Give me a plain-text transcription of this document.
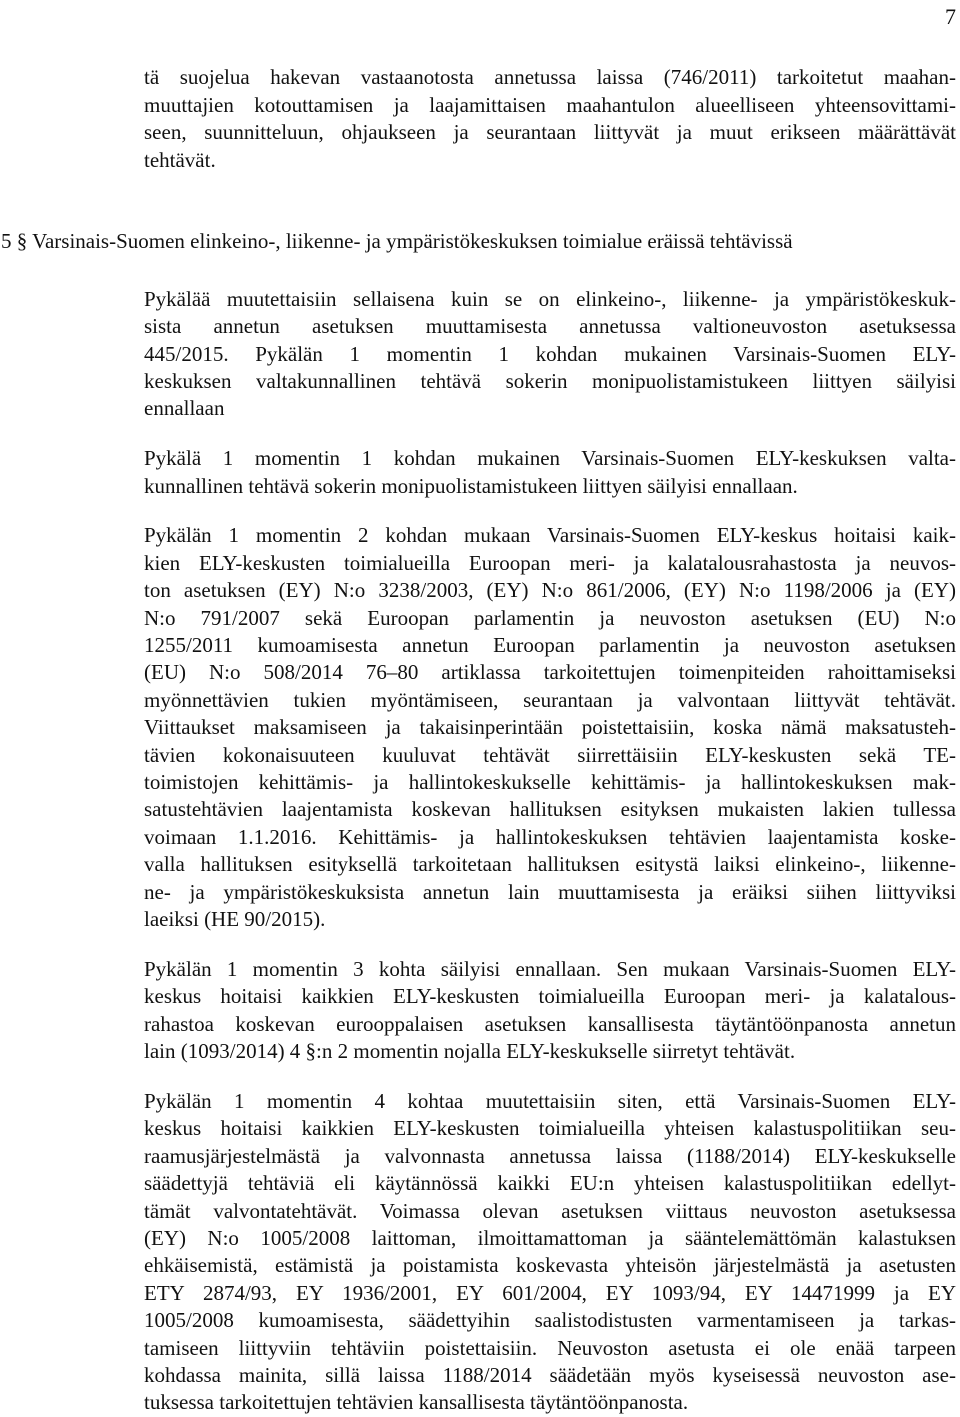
7
tä suojelua hakevan vastaanotosta annetussa laissa (746/2011) tarkoitetut maahan-
muuttajien kotouttamisen ja laajamittaisen maahantulon alueelliseen yhteensovittami-
seen, suunnitteluun, ohjaukseen ja seurantaan liittyvät ja muut erikseen määrättävät
tehtävät.
5 § Varsinais-Suomen elinkeino-, liikenne- ja ympäristökeskuksen toimialue eräissä tehtävissä
Pykälää muutettaisiin sellaisena kuin se on elinkeino-, liikenne- ja ympäristökeskuk-
sista annetun asetuksen muuttamisesta annetussa valtioneuvoston asetuksessa
445/2015. Pykälän 1 momentin 1 kohdan mukainen Varsinais-Suomen ELY-
keskuksen valtakunnallinen tehtävä sokerin monipuolistamistukeen liittyen säilyisi
ennallaan
Pykälä 1 momentin 1 kohdan mukainen Varsinais-Suomen ELY-keskuksen valta-
kunnallinen tehtävä sokerin monipuolistamistukeen liittyen säilyisi ennallaan.
Pykälän 1 momentin 2 kohdan mukaan Varsinais-Suomen ELY-keskus hoitaisi kaik-
kien ELY-keskusten toimialueilla Euroopan meri- ja kalatalousrahastosta ja neuvos-
ton asetuksen (EY) N:o 3238/2003, (EY) N:o 861/2006, (EY) N:o 1198/2006 ja (EY)
N:o 791/2007 sekä Euroopan parlamentin ja neuvoston asetuksen (EU) N:o
1255/2011 kumoamisesta annetun Euroopan parlamentin ja neuvoston asetuksen
(EU) N:o 508/2014 76–80 artiklassa tarkoitettujen toimenpiteiden rahoittamiseksi
myönnettävien tukien myöntämiseen, seurantaan ja valvontaan liittyvät tehtävät.
Viittaukset maksamiseen ja takaisinperintään poistettaisiin, koska nämä maksatusteh-
tävien kokonaisuuteen kuuluvat tehtävät siirrettäisiin ELY-keskusten sekä TE-
toimistojen kehittämis- ja hallintokeskukselle kehittämis- ja hallintokeskuksen mak-
satustehtävien laajentamista koskevan hallituksen esityksen mukaisten lakien tullessa
voimaan 1.1.2016. Kehittämis- ja hallintokeskuksen tehtävien laajentamista koske-
valla hallituksen esityksellä tarkoitetaan hallituksen esitystä laiksi elinkeino-, liikenne-
ne- ja ympäristökeskuksista annetun lain muuttamisesta ja eräiksi siihen liittyviksi
laeiksi (HE 90/2015).
Pykälän 1 momentin 3 kohta säilyisi ennallaan. Sen mukaan Varsinais-Suomen ELY-
keskus hoitaisi kaikkien ELY-keskusten toimialueilla Euroopan meri- ja kalatalous-
rahastoa koskevan eurooppalaisen asetuksen kansallisesta täytäntöönpanosta annetun
lain (1093/2014) 4 §:n 2 momentin nojalla ELY-keskukselle siirretyt tehtävät.
Pykälän 1 momentin 4 kohtaa muutettaisiin siten, että Varsinais-Suomen ELY-
keskus hoitaisi kaikkien ELY-keskusten toimialueilla yhteisen kalastuspolitiikan seu-
raamusjärjestelmästä ja valvonnasta annetussa laissa (1188/2014) ELY-keskukselle
säädettyjä tehtäviä eli käytännössä kaikki EU:n yhteisen kalastuspolitiikan edellyt-
tämät valvontatehtävät. Voimassa olevan asetuksen viittaus neuvoston asetuksessa
(EY) N:o 1005/2008 laittoman, ilmoittamattoman ja sääntelemättömän kalastuksen
ehkäisemistä, estämistä ja poistamista koskevasta yhteisön järjestelmästä ja asetusten
ETY 2874/93, EY 1936/2001, EY 601/2004, EY 1093/94, EY 14471999 ja EY
1005/2008 kumoamisesta, säädettyihin saalistodistusten varmentamiseen ja tarkas-
tamiseen liittyviin tehtäviin poistettaisiin. Neuvoston asetusta ei ole enää tarpeen
kohdassa mainita, sillä laissa 1188/2014 säädetään myös kyseisessä neuvoston ase-
tuksessa tarkoitettujen tehtävien kansallisesta täytäntöönpanosta.
